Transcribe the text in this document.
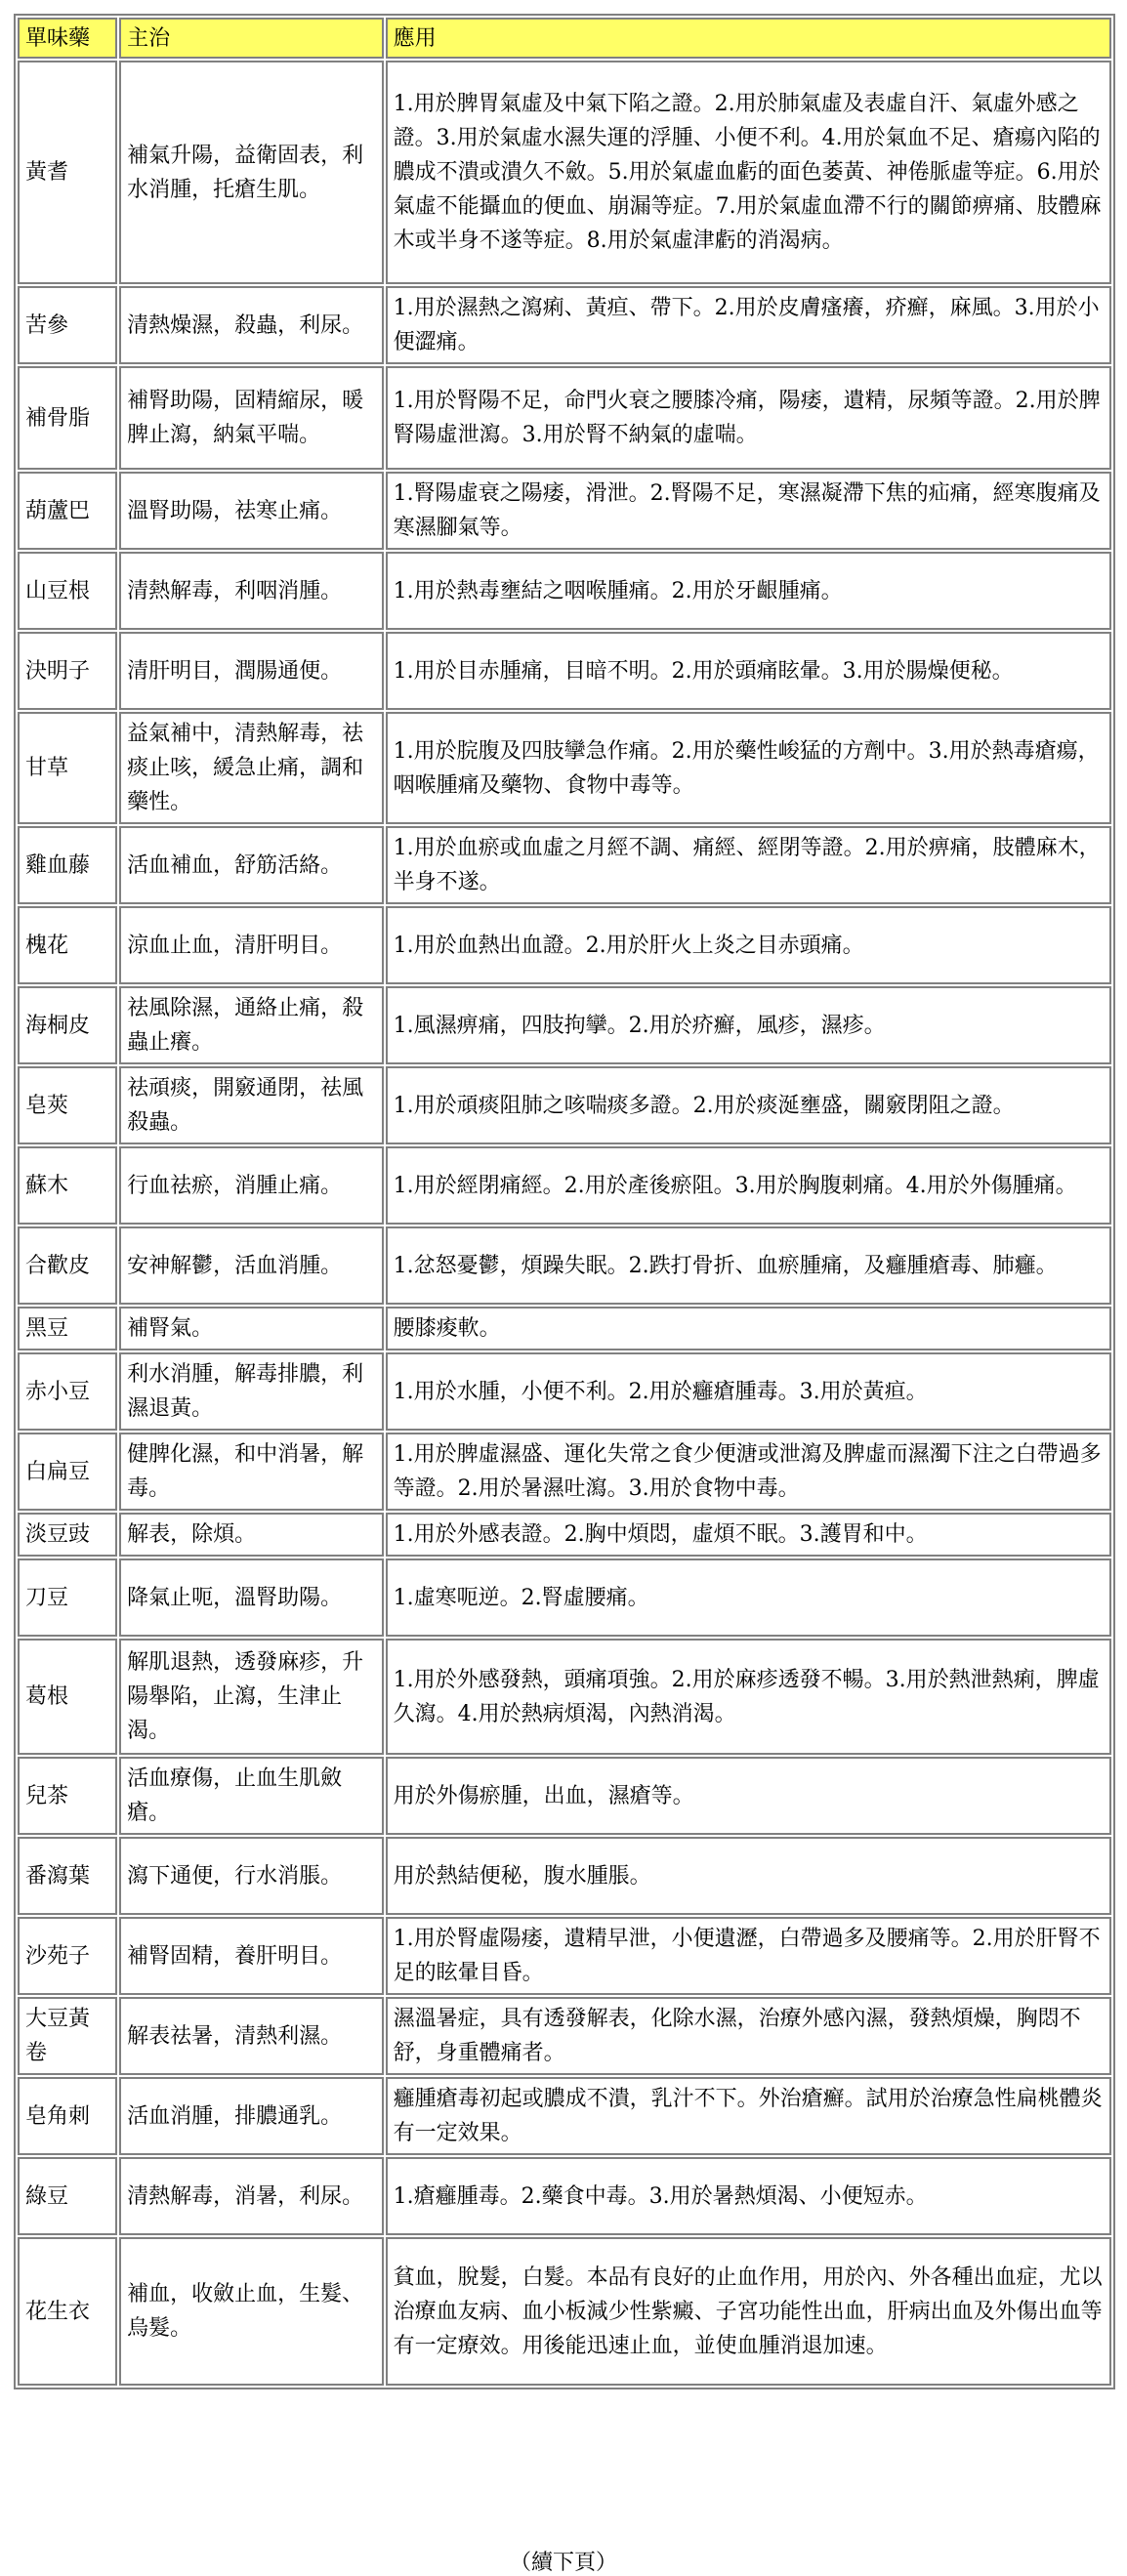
單味藥	主治	應用
黃耆	補氣升陽，益衛固表，利水消腫，托瘡生肌。	1.用於脾胃氣虛及中氣下陷之證。2.用於肺氣虛及表虛自汗、氣虛外感之證。3.用於氣虛水濕失運的浮腫、小便不利。4.用於氣血不足、瘡瘍內陷的膿成不潰或潰久不斂。5.用於氣虛血虧的面色萎黃、神倦脈虛等症。6.用於氣虛不能攝血的便血、崩漏等症。7.用於氣虛血滯不行的關節痹痛、肢體麻木或半身不遂等症。8.用於氣虛津虧的消渴病。
苦參	清熱燥濕，殺蟲，利尿。	1.用於濕熱之瀉痢、黃疸、帶下。2.用於皮膚瘙癢，疥癬，麻風。3.用於小便澀痛。
補骨脂	補腎助陽，固精縮尿，暖脾止瀉，納氣平喘。	1.用於腎陽不足，命門火衰之腰膝冷痛，陽痿，遺精，尿頻等證。2.用於脾腎陽虛泄瀉。3.用於腎不納氣的虛喘。
葫蘆巴	溫腎助陽，祛寒止痛。	1.腎陽虛衰之陽痿，滑泄。2.腎陽不足，寒濕凝滯下焦的疝痛，經寒腹痛及寒濕腳氣等。
山豆根	清熱解毒，利咽消腫。	1.用於熱毒壅結之咽喉腫痛。2.用於牙齦腫痛。
決明子	清肝明目，潤腸通便。	1.用於目赤腫痛，目暗不明。2.用於頭痛眩暈。3.用於腸燥便秘。
甘草	益氣補中，清熱解毒，祛痰止咳，緩急止痛，調和藥性。	1.用於脘腹及四肢攣急作痛。2.用於藥性峻猛的方劑中。3.用於熱毒瘡瘍，咽喉腫痛及藥物、食物中毒等。
雞血藤	活血補血，舒筋活絡。	1.用於血瘀或血虛之月經不調、痛經、經閉等證。2.用於痹痛，肢體麻木，半身不遂。
槐花	涼血止血，清肝明目。	1.用於血熱出血證。2.用於肝火上炎之目赤頭痛。
海桐皮	祛風除濕，通絡止痛，殺蟲止癢。	1.風濕痹痛，四肢拘攣。2.用於疥癬，風疹，濕疹。
皂莢	祛頑痰，開竅通閉，祛風殺蟲。	1.用於頑痰阻肺之咳喘痰多證。2.用於痰涎壅盛，關竅閉阻之證。
蘇木	行血祛瘀，消腫止痛。	1.用於經閉痛經。2.用於產後瘀阻。3.用於胸腹刺痛。4.用於外傷腫痛。
合歡皮	安神解鬱，活血消腫。	1.忿怒憂鬱，煩躁失眠。2.跌打骨折、血瘀腫痛，及癰腫瘡毒、肺癰。
黑豆	補腎氣。	腰膝痠軟。
赤小豆	利水消腫，解毒排膿，利濕退黃。	1.用於水腫，小便不利。2.用於癰瘡腫毒。3.用於黃疸。
白扁豆	健脾化濕，和中消暑，解毒。	1.用於脾虛濕盛、運化失常之食少便溏或泄瀉及脾虛而濕濁下注之白帶過多等證。2.用於暑濕吐瀉。3.用於食物中毒。
淡豆豉	解表，除煩。	1.用於外感表證。2.胸中煩悶，虛煩不眠。3.護胃和中。
刀豆	降氣止呃，溫腎助陽。	1.虛寒呃逆。2.腎虛腰痛。
葛根	解肌退熱，透發麻疹，升陽舉陷，止瀉，生津止渴。	1.用於外感發熱，頭痛項強。2.用於麻疹透發不暢。3.用於熱泄熱痢，脾虛久瀉。4.用於熱病煩渴，內熱消渴。
兒茶	活血療傷，止血生肌斂瘡。	用於外傷瘀腫，出血，濕瘡等。
番瀉葉	瀉下通便，行水消脹。	用於熱結便秘，腹水腫脹。
沙苑子	補腎固精，養肝明目。	1.用於腎虛陽痿，遺精早泄，小便遺瀝，白帶過多及腰痛等。2.用於肝腎不足的眩暈目昏。
大豆黃卷	解表祛暑，清熱利濕。	濕溫暑症，具有透發解表，化除水濕，治療外感內濕，發熱煩燥，胸悶不舒，身重體痛者。
皂角刺	活血消腫，排膿通乳。	癰腫瘡毒初起或膿成不潰，乳汁不下。外治瘡癬。試用於治療急性扁桃體炎有一定效果。
綠豆	清熱解毒，消暑，利尿。	1.瘡癰腫毒。2.藥食中毒。3.用於暑熱煩渴、小便短赤。
花生衣	補血，收斂止血，生髮、烏髮。	貧血，脫髮，白髮。本品有良好的止血作用，用於內、外各種出血症，尤以治療血友病、血小板減少性紫癜、子宮功能性出血，肝病出血及外傷出血等有一定療效。用後能迅速止血，並使血腫消退加速。
（續下頁）
